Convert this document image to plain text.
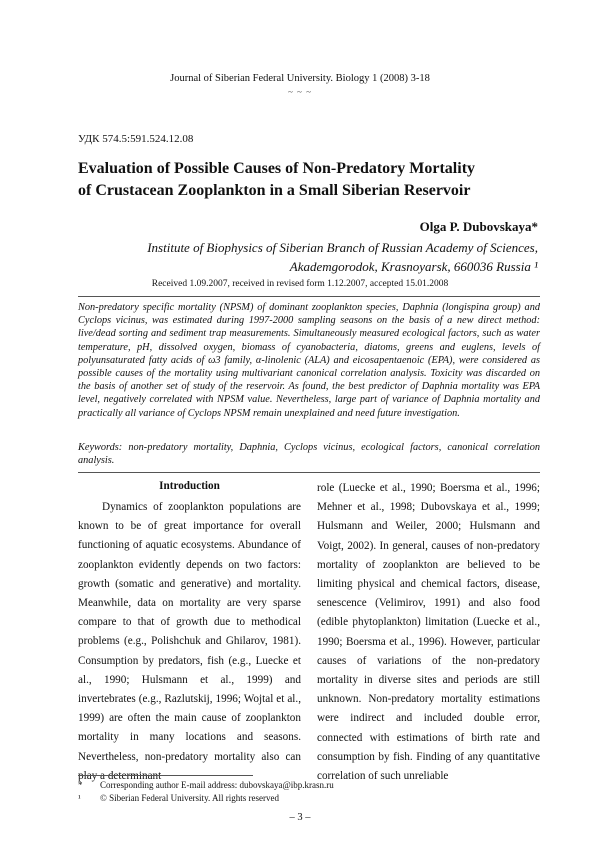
Journal of Siberian Federal University. Biology 1 (2008) 3-18
~ ~ ~
УДК 574.5:591.524.12.08
Evaluation of Possible Causes of Non-Predatory Mortality
of Crustacean Zooplankton in a Small Siberian Reservoir
Olga P. Dubovskaya*
Institute of Biophysics of Siberian Branch of Russian Academy of Sciences,
Akademgorodok, Krasnoyarsk, 660036 Russia ¹
Received 1.09.2007, received in revised form 1.12.2007, accepted 15.01.2008
Non-predatory specific mortality (NPSM) of dominant zooplankton species, Daphnia (longispina group) and Cyclops vicinus, was estimated during 1997-2000 sampling seasons on the basis of a new direct method: live/dead sorting and sediment trap measurements. Simultaneously measured ecological factors, such as water temperature, pH, dissolved oxygen, biomass of cyanobacteria, diatoms, greens and euglens, levels of polyunsaturated fatty acids of ω3 family, α-linolenic (ALA) and eicosapentaenoic (EPA), were considered as possible causes of the mortality using multivariant canonical correlation analysis. Toxicity was discarded on the basis of another set of study of the reservoir. As found, the best predictor of Daphnia mortality was EPA level, negatively correlated with NPSM value. Nevertheless, large part of variance of Daphnia mortality and practically all variance of Cyclops NPSM remain unexplained and need future investigation.
Keywords: non-predatory mortality, Daphnia, Cyclops vicinus, ecological factors, canonical correlation analysis.
Introduction

Dynamics of zooplankton populations are known to be of great importance for overall functioning of aquatic ecosystems. Abundance of zooplankton evidently depends on two factors: growth (somatic and generative) and mortality. Meanwhile, data on mortality are very sparse compare to that of growth due to methodical problems (e.g., Polishchuk and Ghilarov, 1981). Consumption by predators, fish (e.g., Luecke et al., 1990; Hulsmann et al., 1999) and invertebrates (e.g., Razlutskij, 1996; Wojtal et al., 1999) are often the main cause of zooplankton mortality in many locations and seasons. Nevertheless, non-predatory mortality also can play a determinant

role (Luecke et al., 1990; Boersma et al., 1996; Mehner et al., 1998; Dubovskaya et al., 1999; Hulsmann and Weiler, 2000; Hulsmann and Voigt, 2002). In general, causes of non-predatory mortality of zooplankton are believed to be limiting physical and chemical factors, disease, senescence (Velimirov, 1991) and also food (edible phytoplankton) limitation (Luecke et al., 1990; Boersma et al., 1996). However, particular causes of variations of the non-predatory mortality in diverse sites and periods are still unknown. Non-predatory mortality estimations were indirect and included double error, connected with estimations of birth rate and consumption by fish. Finding of any quantitative correlation of such unreliable

* Corresponding author E-mail address: dubovskaya@ibp.krasn.ru
¹ © Siberian Federal University. All rights reserved
– 3 –
